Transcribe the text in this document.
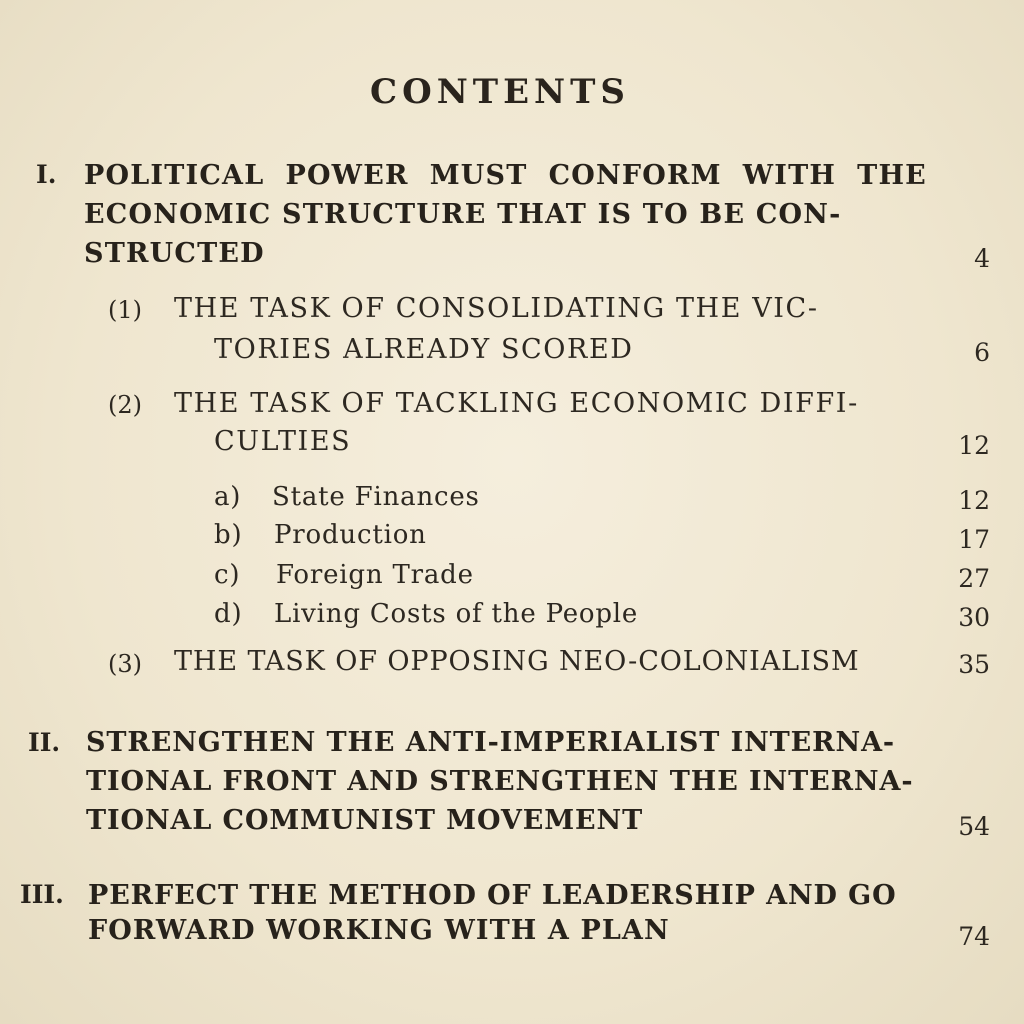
CONTENTS
I. POLITICAL POWER MUST CONFORM WITH THE
ECONOMIC STRUCTURE THAT IS TO BE CON-
STRUCTED	4
(1) THE TASK OF CONSOLIDATING THE VIC-
TORIES ALREADY SCORED	6
(2) THE TASK OF TACKLING ECONOMIC DIFFI-
CULTIES	12
a) State Finances	12
b) Production	17
c) Foreign Trade	27
d) Living Costs of the People	30
(3) THE TASK OF OPPOSING NEO-COLONIALISM	35
II. STRENGTHEN THE ANTI-IMPERIALIST INTERNA-
TIONAL FRONT AND STRENGTHEN THE INTERNA-
TIONAL COMMUNIST MOVEMENT	54
III. PERFECT THE METHOD OF LEADERSHIP AND GO
FORWARD WORKING WITH A PLAN	74
